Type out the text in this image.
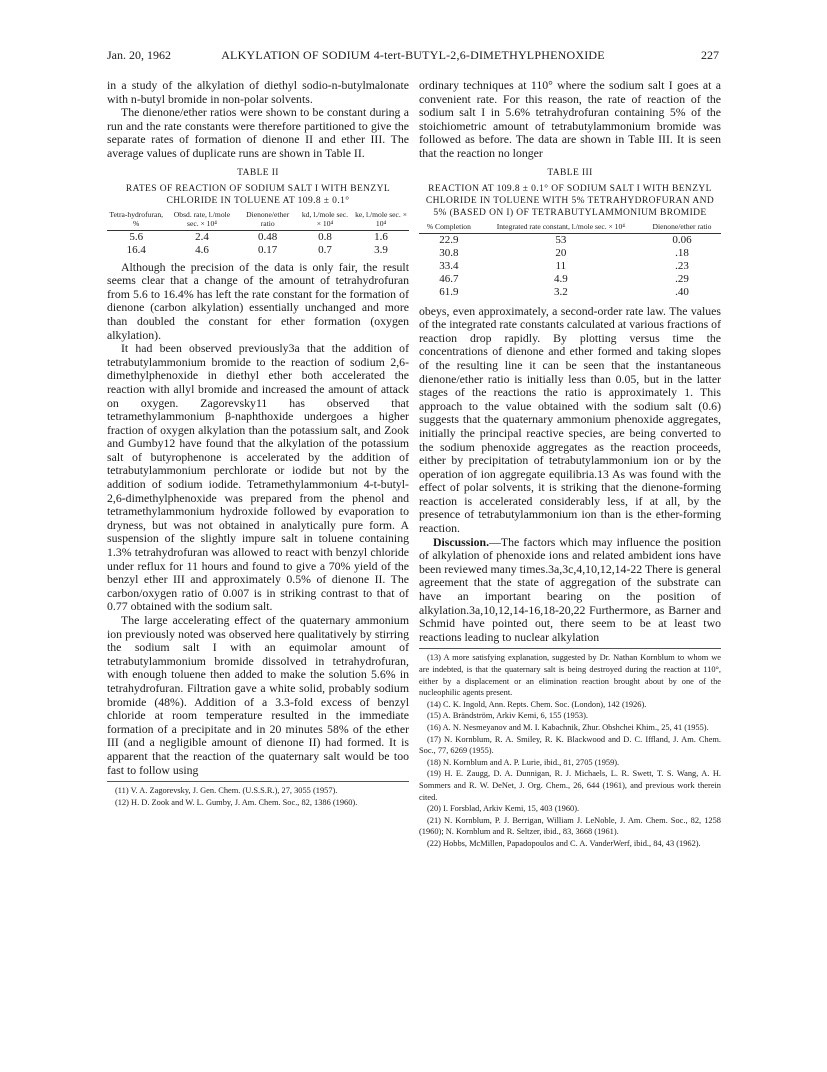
Jan. 20, 1962	ALKYLATION OF SODIUM 4-tert-BUTYL-2,6-DIMETHYLPHENOXIDE	227

in a study of the alkylation of diethyl sodio-n-butylmalonate with n-butyl bromide in non-polar solvents.

The dienone/ether ratios were shown to be constant during a run and the rate constants were therefore partitioned to give the separate rates of formation of dienone II and ether III. The average values of duplicate runs are shown in Table II.

TABLE II
RATES OF REACTION OF SODIUM SALT I WITH BENZYL CHLORIDE IN TOLUENE AT 109.8 ± 0.1°
Tetra-hydrofuran, %	Obsd. rate, l./mole sec. × 10⁴	Dienone/ether ratio	kd, l./mole sec. × 10⁴	ke, l./mole sec. × 10⁴
5.6	2.4	0.48	0.8	1.6
16.4	4.6	0.17	0.7	3.9

Although the precision of the data is only fair, the result seems clear that a change of the amount of tetrahydrofuran from 5.6 to 16.4% has left the rate constant for the formation of dienone (carbon alkylation) essentially unchanged and more than doubled the constant for ether formation (oxygen alkylation).

It had been observed previously3a that the addition of tetrabutylammonium bromide to the reaction of sodium 2,6-dimethylphenoxide in diethyl ether both accelerated the reaction with allyl bromide and increased the amount of attack on oxygen. Zagorevsky11 has observed that tetramethylammonium β-naphthoxide undergoes a higher fraction of oxygen alkylation than the potassium salt, and Zook and Gumby12 have found that the alkylation of the potassium salt of butyrophenone is accelerated by the addition of tetrabutylammonium perchlorate or iodide but not by the addition of sodium iodide. Tetramethylammonium 4-t-butyl-2,6-dimethylphenoxide was prepared from the phenol and tetramethylammonium hydroxide followed by evaporation to dryness, but was not obtained in analytically pure form. A suspension of the slightly impure salt in toluene containing 1.3% tetrahydrofuran was allowed to react with benzyl chloride under reflux for 11 hours and found to give a 70% yield of the benzyl ether III and approximately 0.5% of dienone II. The carbon/oxygen ratio of 0.007 is in striking contrast to that of 0.77 obtained with the sodium salt.

The large accelerating effect of the quaternary ammonium ion previously noted was observed here qualitatively by stirring the sodium salt I with an equimolar amount of tetrabutylammonium bromide dissolved in tetrahydrofuran, with enough toluene then added to make the solution 5.6% in tetrahydrofuran. Filtration gave a white solid, probably sodium bromide (48%). Addition of a 3.3-fold excess of benzyl chloride at room temperature resulted in the immediate formation of a precipitate and in 20 minutes 58% of the ether III (and a negligible amount of dienone II) had formed. It is apparent that the reaction of the quaternary salt would be too fast to follow using

(11) V. A. Zagorevsky, J. Gen. Chem. (U.S.S.R.), 27, 3055 (1957).

(12) H. D. Zook and W. L. Gumby, J. Am. Chem. Soc., 82, 1386 (1960).

ordinary techniques at 110° where the sodium salt I goes at a convenient rate. For this reason, the rate of reaction of the sodium salt I in 5.6% tetrahydrofuran containing 5% of the stoichiometric amount of tetrabutylammonium bromide was followed as before. The data are shown in Table III. It is seen that the reaction no longer

TABLE III
REACTION AT 109.8 ± 0.1° OF SODIUM SALT I WITH BENZYL CHLORIDE IN TOLUENE WITH 5% TETRAHYDROFURAN AND 5% (BASED ON I) OF TETRABUTYLAMMONIUM BROMIDE
% Completion	Integrated rate constant, l./mole sec. × 10⁴	Dienone/ether ratio
22.9	53	0.06
30.8	20	.18
33.4	11	.23
46.7	4.9	.29
61.9	3.2	.40

obeys, even approximately, a second-order rate law. The values of the integrated rate constants calculated at various fractions of reaction drop rapidly. By plotting versus time the concentrations of dienone and ether formed and taking slopes of the resulting line it can be seen that the instantaneous dienone/ether ratio is initially less than 0.05, but in the latter stages of the reactions the ratio is approximately 1. This approach to the value obtained with the sodium salt (0.6) suggests that the quaternary ammonium phenoxide aggregates, initially the principal reactive species, are being converted to the sodium phenoxide aggregates as the reaction proceeds, either by precipitation of tetrabutylammonium ion or by the operation of ion aggregate equilibria.13 As was found with the effect of polar solvents, it is striking that the dienone-forming reaction is accelerated considerably less, if at all, by the presence of tetrabutylammonium ion than is the ether-forming reaction.

Discussion.—The factors which may influence the position of alkylation of phenoxide ions and related ambident ions have been reviewed many times.3a,3c,4,10,12,14-22 There is general agreement that the state of aggregation of the substrate can have an important bearing on the position of alkylation.3a,10,12,14-16,18-20,22 Furthermore, as Barner and Schmid have pointed out, there seem to be at least two reactions leading to nuclear alkylation

(13) A more satisfying explanation, suggested by Dr. Nathan Kornblum to whom we are indebted, is that the quaternary salt is being destroyed during the reaction at 110°, either by a displacement or an elimination reaction brought about by one of the nucleophilic agents present.

(14) C. K. Ingold, Ann. Repts. Chem. Soc. (London), 142 (1926).

(15) A. Brändström, Arkiv Kemi, 6, 155 (1953).

(16) A. N. Nesmeyanov and M. I. Kabachnik, Zhur. Obshchei Khim., 25, 41 (1955).

(17) N. Kornblum, R. A. Smiley, R. K. Blackwood and D. C. Iffland, J. Am. Chem. Soc., 77, 6269 (1955).

(18) N. Kornblum and A. P. Lurie, ibid., 81, 2705 (1959).

(19) H. E. Zaugg, D. A. Dunnigan, R. J. Michaels, L. R. Swett, T. S. Wang, A. H. Sommers and R. W. DeNet, J. Org. Chem., 26, 644 (1961), and previous work therein cited.

(20) I. Forsblad, Arkiv Kemi, 15, 403 (1960).

(21) N. Kornblum, P. J. Berrigan, William J. LeNoble, J. Am. Chem. Soc., 82, 1258 (1960); N. Kornblum and R. Seltzer, ibid., 83, 3668 (1961).

(22) Hobbs, McMillen, Papadopoulos and C. A. VanderWerf, ibid., 84, 43 (1962).
